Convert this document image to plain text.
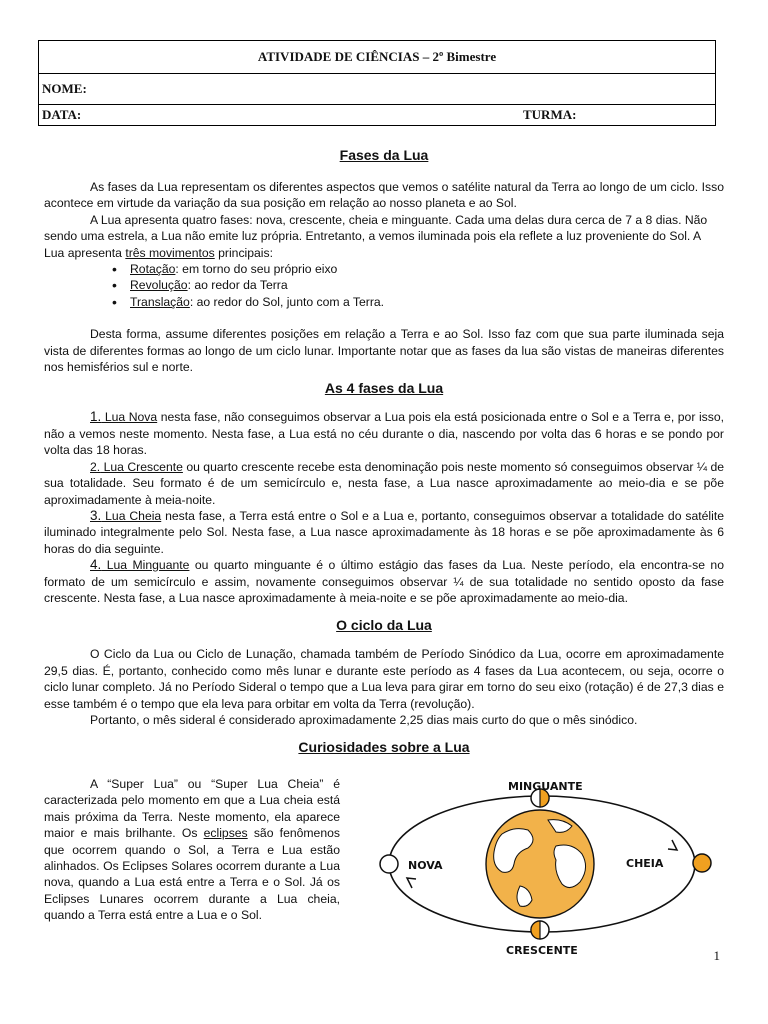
ATIVIDADE DE CIÊNCIAS – 2º Bimestre
NOME:
DATA:	TURMA:
Fases da Lua

As fases da Lua representam os diferentes aspectos que vemos o satélite natural da Terra ao longo de um ciclo. Isso acontece em virtude da variação da sua posição em relação ao nosso planeta e ao Sol.

A Lua apresenta quatro fases: nova, crescente, cheia e minguante. Cada uma delas dura cerca de 7 a 8 dias. Não sendo uma estrela, a Lua não emite luz própria. Entretanto, a vemos iluminada pois ela reflete a luz proveniente do Sol. A Lua apresenta três movimentos principais:

• Rotação: em torno do seu próprio eixo
• Revolução: ao redor da Terra
• Translação: ao redor do Sol, junto com a Terra.

Desta forma, assume diferentes posições em relação a Terra e ao Sol. Isso faz com que sua parte iluminada seja vista de diferentes formas ao longo de um ciclo lunar. Importante notar que as fases da lua são vistas de maneiras diferentes nos hemisférios sul e norte.

As 4 fases da Lua

1. Lua Nova nesta fase, não conseguimos observar a Lua pois ela está posicionada entre o Sol e a Terra e, por isso, não a vemos neste momento. Nesta fase, a Lua está no céu durante o dia, nascendo por volta das 6 horas e se pondo por volta das 18 horas.

2. Lua Crescente ou quarto crescente recebe esta denominação pois neste momento só conseguimos observar ¼ de sua totalidade. Seu formato é de um semicírculo e, nesta fase, a Lua nasce aproximadamente ao meio-dia e se põe aproximadamente à meia-noite.

3. Lua Cheia nesta fase, a Terra está entre o Sol e a Lua e, portanto, conseguimos observar a totalidade do satélite iluminado integralmente pelo Sol. Nesta fase, a Lua nasce aproximadamente às 18 horas e se põe aproximadamente às 6 horas do dia seguinte.

4. Lua Minguante ou quarto minguante é o último estágio das fases da Lua. Neste período, ela encontra-se no formato de um semicírculo e assim, novamente conseguimos observar ¼ de sua totalidade no sentido oposto da fase crescente. Nesta fase, a Lua nasce aproximadamente à meia-noite e se põe aproximadamente ao meio-dia.

O ciclo da Lua

O Ciclo da Lua ou Ciclo de Lunação, chamada também de Período Sinódico da Lua, ocorre em aproximadamente 29,5 dias. É, portanto, conhecido como mês lunar e durante este período as 4 fases da Lua acontecem, ou seja, ocorre o ciclo lunar completo. Já no Período Sideral o tempo que a Lua leva para girar em torno do seu eixo (rotação) é de 27,3 dias e esse também é o tempo que ela leva para orbitar em volta da Terra (revolução).

Portanto, o mês sideral é considerado aproximadamente 2,25 dias mais curto do que o mês sinódico.

Curiosidades sobre a Lua

A “Super Lua” ou “Super Lua Cheia” é caracterizada pelo momento em que a Lua cheia está mais próxima da Terra. Neste momento, ela aparece maior e mais brilhante. Os eclipses são fenômenos que ocorrem quando o Sol, a Terra e Lua estão alinhados. Os Eclipses Solares ocorrem durante a Lua nova, quando a Lua está entre a Terra e o Sol. Já os Eclipses Lunares ocorrem durante a Lua cheia, quando a Terra está entre a Lua e o Sol.

MINGUANTE
NOVA	CHEIA
CRESCENTE	1
